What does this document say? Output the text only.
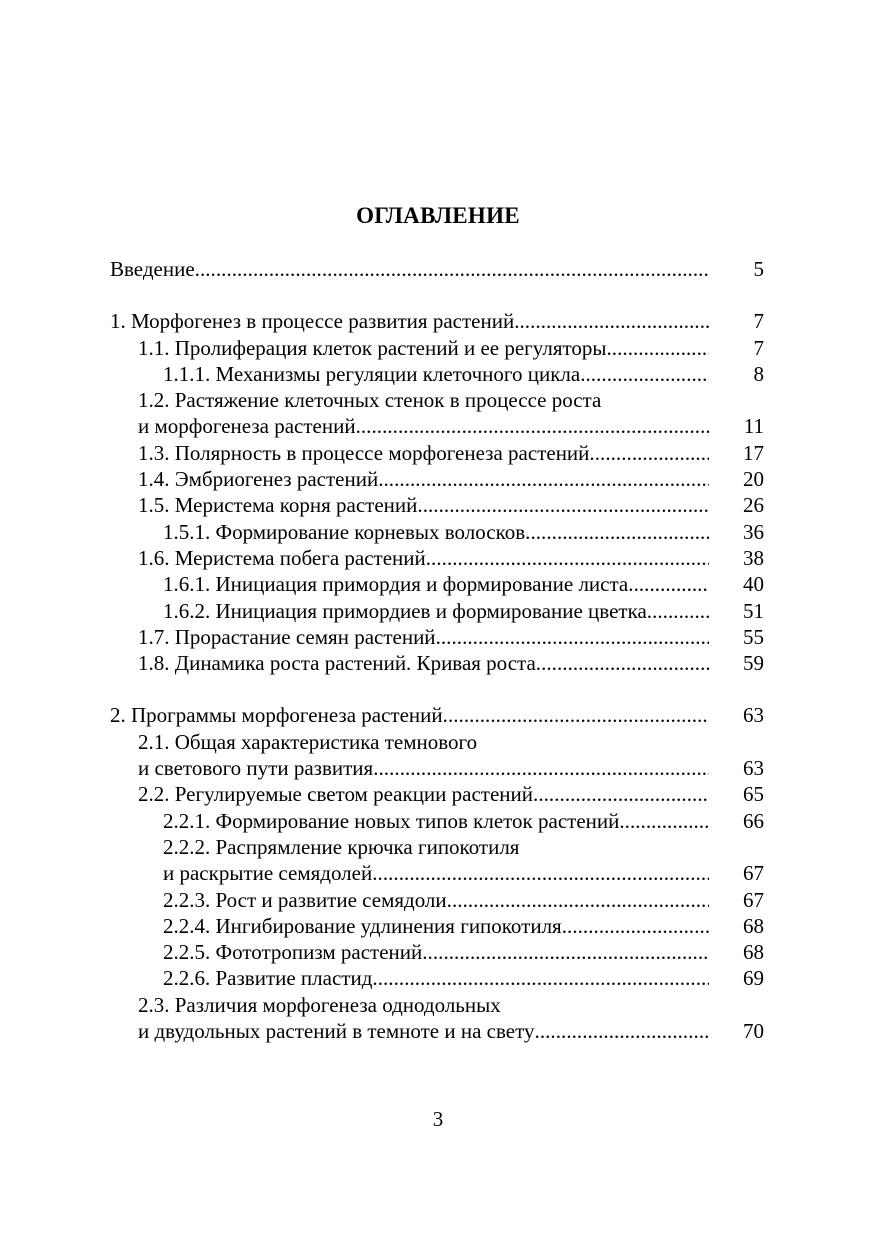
ОГЛАВЛЕНИЕ
Введение . . .	5
1. Морфогенез в процессе развития растений . . .	7
1.1. Пролиферация клеток растений и ее регуляторы . . .	7
1.1.1. Механизмы регуляции клеточного цикла . . .	8
1.2. Растяжение клеточных стенок в процессе роста
и морфогенеза растений . . .	11
1.3. Полярность в процессе морфогенеза растений . . .	17
1.4. Эмбриогенез растений . . .	20
1.5. Меристема корня растений . . .	26
1.5.1. Формирование корневых волосков . . .	36
1.6. Меристема побега растений . . .	38
1.6.1. Инициация примордия и формирование листа . . .	40
1.6.2. Инициация примордиев и формирование цветка . . .	51
1.7. Прорастание семян растений . . .	55
1.8. Динамика роста растений. Кривая роста . . .	59
2. Программы морфогенеза растений . . .	63
2.1. Общая характеристика темнового
и светового пути развития . . .	63
2.2. Регулируемые светом реакции растений . . .	65
2.2.1. Формирование новых типов клеток растений . . .	66
2.2.2. Распрямление крючка гипокотиля
и раскрытие семядолей . . .	67
2.2.3. Рост и развитие семядоли . . .	67
2.2.4. Ингибирование удлинения гипокотиля . . .	68
2.2.5. Фототропизм растений . . .	68
2.2.6. Развитие пластид . . .	69
2.3. Различия морфогенеза однодольных
и двудольных растений в темноте и на свету . . .	70
3
